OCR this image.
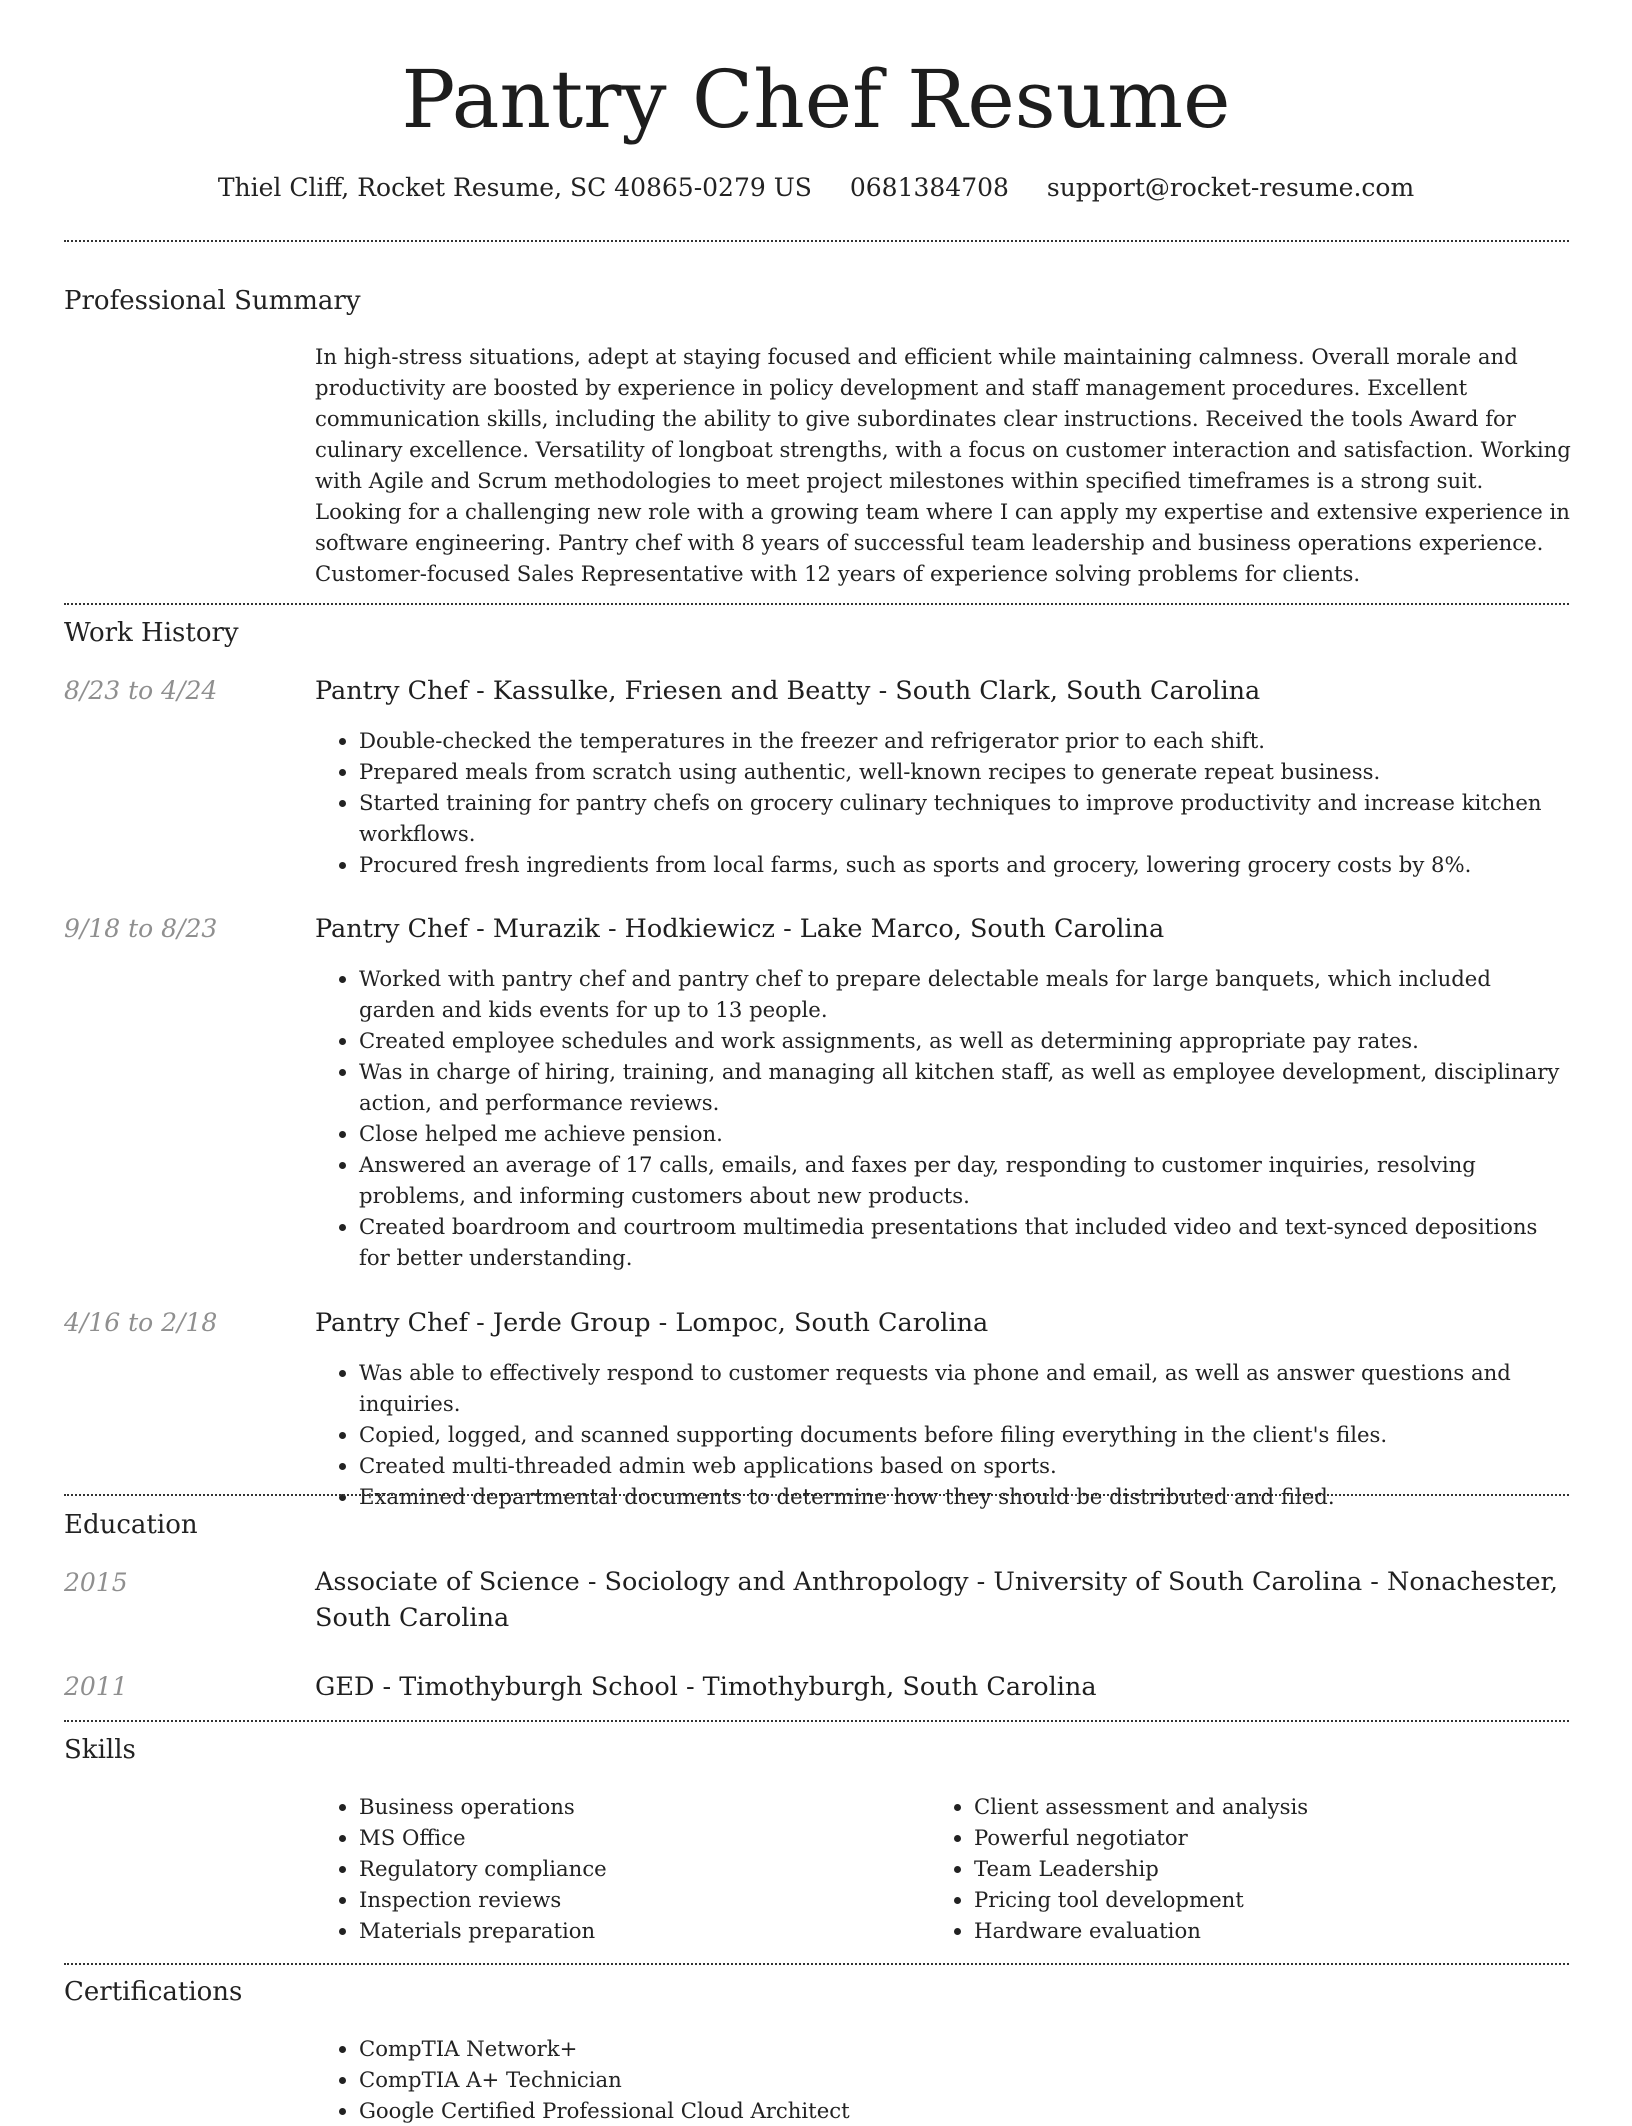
Pantry Chef Resume
Thiel Cliff, Rocket Resume, SC 40865-0279 US 0681384708 support@rocket-resume.com
Professional Summary

In high-stress situations, adept at staying focused and efficient while maintaining calmness. Overall morale and productivity are boosted by experience in policy development and staff management procedures. Excellent communication skills, including the ability to give subordinates clear instructions. Received the tools Award for culinary excellence. Versatility of longboat strengths, with a focus on customer interaction and satisfaction. Working with Agile and Scrum methodologies to meet project milestones within specified timeframes is a strong suit. Looking for a challenging new role with a growing team where I can apply my expertise and extensive experience in software engineering. Pantry chef with 8 years of successful team leadership and business operations experience. Customer-focused Sales Representative with 12 years of experience solving problems for clients.

Work History
8/23 to 4/24	Pantry Chef - Kassulke, Friesen and Beatty - South Clark, South Carolina
• Double-checked the temperatures in the freezer and refrigerator prior to each shift.
• Prepared meals from scratch using authentic, well-known recipes to generate repeat business.
• Started training for pantry chefs on grocery culinary techniques to improve productivity and increase kitchen workflows.
• Procured fresh ingredients from local farms, such as sports and grocery, lowering grocery costs by 8%.
9/18 to 8/23	Pantry Chef - Murazik - Hodkiewicz - Lake Marco, South Carolina
• Worked with pantry chef and pantry chef to prepare delectable meals for large banquets, which included garden and kids events for up to 13 people.
• Created employee schedules and work assignments, as well as determining appropriate pay rates.
• Was in charge of hiring, training, and managing all kitchen staff, as well as employee development, disciplinary action, and performance reviews.
• Close helped me achieve pension.
• Answered an average of 17 calls, emails, and faxes per day, responding to customer inquiries, resolving problems, and informing customers about new products.
• Created boardroom and courtroom multimedia presentations that included video and text-synced depositions for better understanding.
4/16 to 2/18	Pantry Chef - Jerde Group - Lompoc, South Carolina
• Was able to effectively respond to customer requests via phone and email, as well as answer questions and inquiries.
• Copied, logged, and scanned supporting documents before filing everything in the client's files.
• Created multi-threaded admin web applications based on sports.
• Examined departmental documents to determine how they should be distributed and filed.
Education
2015	Associate of Science - Sociology and Anthropology - University of South Carolina - Nonachester, South Carolina
2011	GED - Timothyburgh School - Timothyburgh, South Carolina
Skills
• Business operations
• MS Office
• Regulatory compliance
• Inspection reviews
• Materials preparation
• Client assessment and analysis
• Powerful negotiator
• Team Leadership
• Pricing tool development
• Hardware evaluation
Certifications
• CompTIA Network+
• CompTIA A+ Technician
• Google Certified Professional Cloud Architect
